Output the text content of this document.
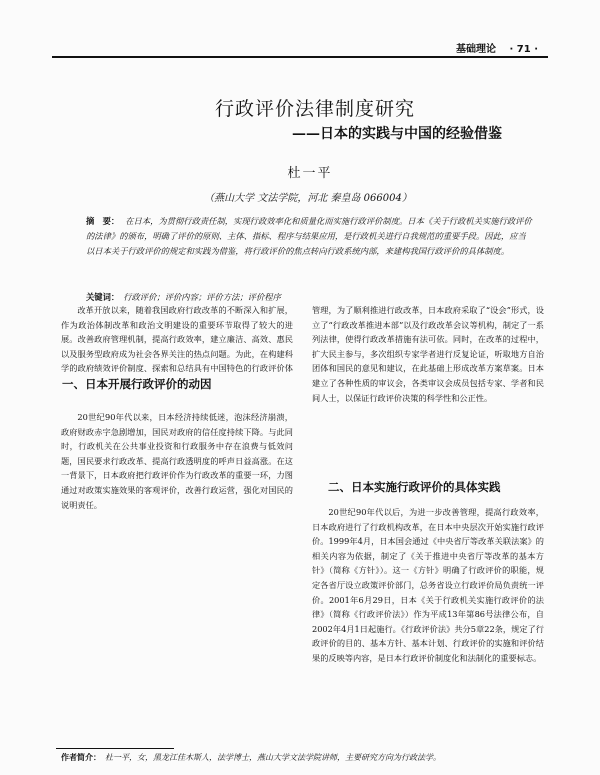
基础理论 · 71 ·
行政评价法律制度研究
——日本的实践与中国的经验借鉴
杜一平
（燕山大学 文法学院，河北 秦皇岛 066004）
摘　要： 在日本，为贯彻行政责任制，实现行政效率化和质量化而实施行政评价制度。日本《关于行政机关实施行政评价的法律》的颁布，明确了评价的原则、主体、指标、程序与结果应用，是行政机关进行自我规范的重要手段。因此，应当以日本关于行政评价的规定和实践为借鉴，将行政评价的焦点转向行政系统内部，来建构我国行政评价的具体制度。
关键词： 行政评价；评价内容；评价方法；评价程序

改革开放以来，随着我国政府行政改革的不断深入和扩展，作为政治体制改革和政治文明建设的重要环节取得了较大的进展。改善政府管理机制，提高行政效率，建立廉洁、高效、惠民以及服务型政府成为社会各界关注的热点问题。为此，在构建科学的政府绩效评价制度、探索和总结具有中国特色的行政评价体

一、日本开展行政评价的动因

20世纪90年代以来，日本经济持续低迷，泡沫经济崩溃，政府财政赤字急剧增加，国民对政府的信任度持续下降。与此同时，行政机关在公共事业投资和行政服务中存在浪费与低效问题，国民要求行政改革、提高行政透明度的呼声日益高涨。在这一背景下，日本政府把行政评价作为行政改革的重要一环，力图通过对政策实施效果的客观评价，改善行政运营，强化对国民的说明责任。

管理，为了顺利推进行政改革，日本政府采取了“设会”形式，设立了“行政改革推进本部”以及行政改革会议等机构，制定了一系列法律，使得行政改革措施有法可依。同时，在改革的过程中，扩大民主参与，多次组织专家学者进行反复论证，听取地方自治团体和国民的意见和建议，在此基础上形成改革方案草案。日本建立了各种性质的审议会，各类审议会成员包括专家、学者和民间人士，以保证行政评价决策的科学性和公正性。

二、日本实施行政评价的具体实践

20世纪90年代以后，为进一步改善管理，提高行政效率，日本政府进行了行政机构改革，在日本中央层次开始实施行政评价。1999年4月，日本国会通过《中央省厅等改革关联法案》的相关内容为依据，制定了《关于推进中央省厅等改革的基本方针》（简称《方针》）。这一《方针》明确了行政评价的职能，规定各省厅设立政策评价部门，总务省设立行政评价局负责统一评价。2001年6月29日，日本《关于行政机关实施行政评价的法律》（简称《行政评价法》）作为平成13年第86号法律公布，自2002年4月1日起施行。《行政评价法》共分5章22条，规定了行政评价的目的、基本方针、基本计划、行政评价的实施和评价结果的反映等内容，是日本行政评价制度化和法制化的重要标志。

作者简介： 杜一平，女，黑龙江佳木斯人，法学博士，燕山大学文法学院讲师，主要研究方向为行政法学。
